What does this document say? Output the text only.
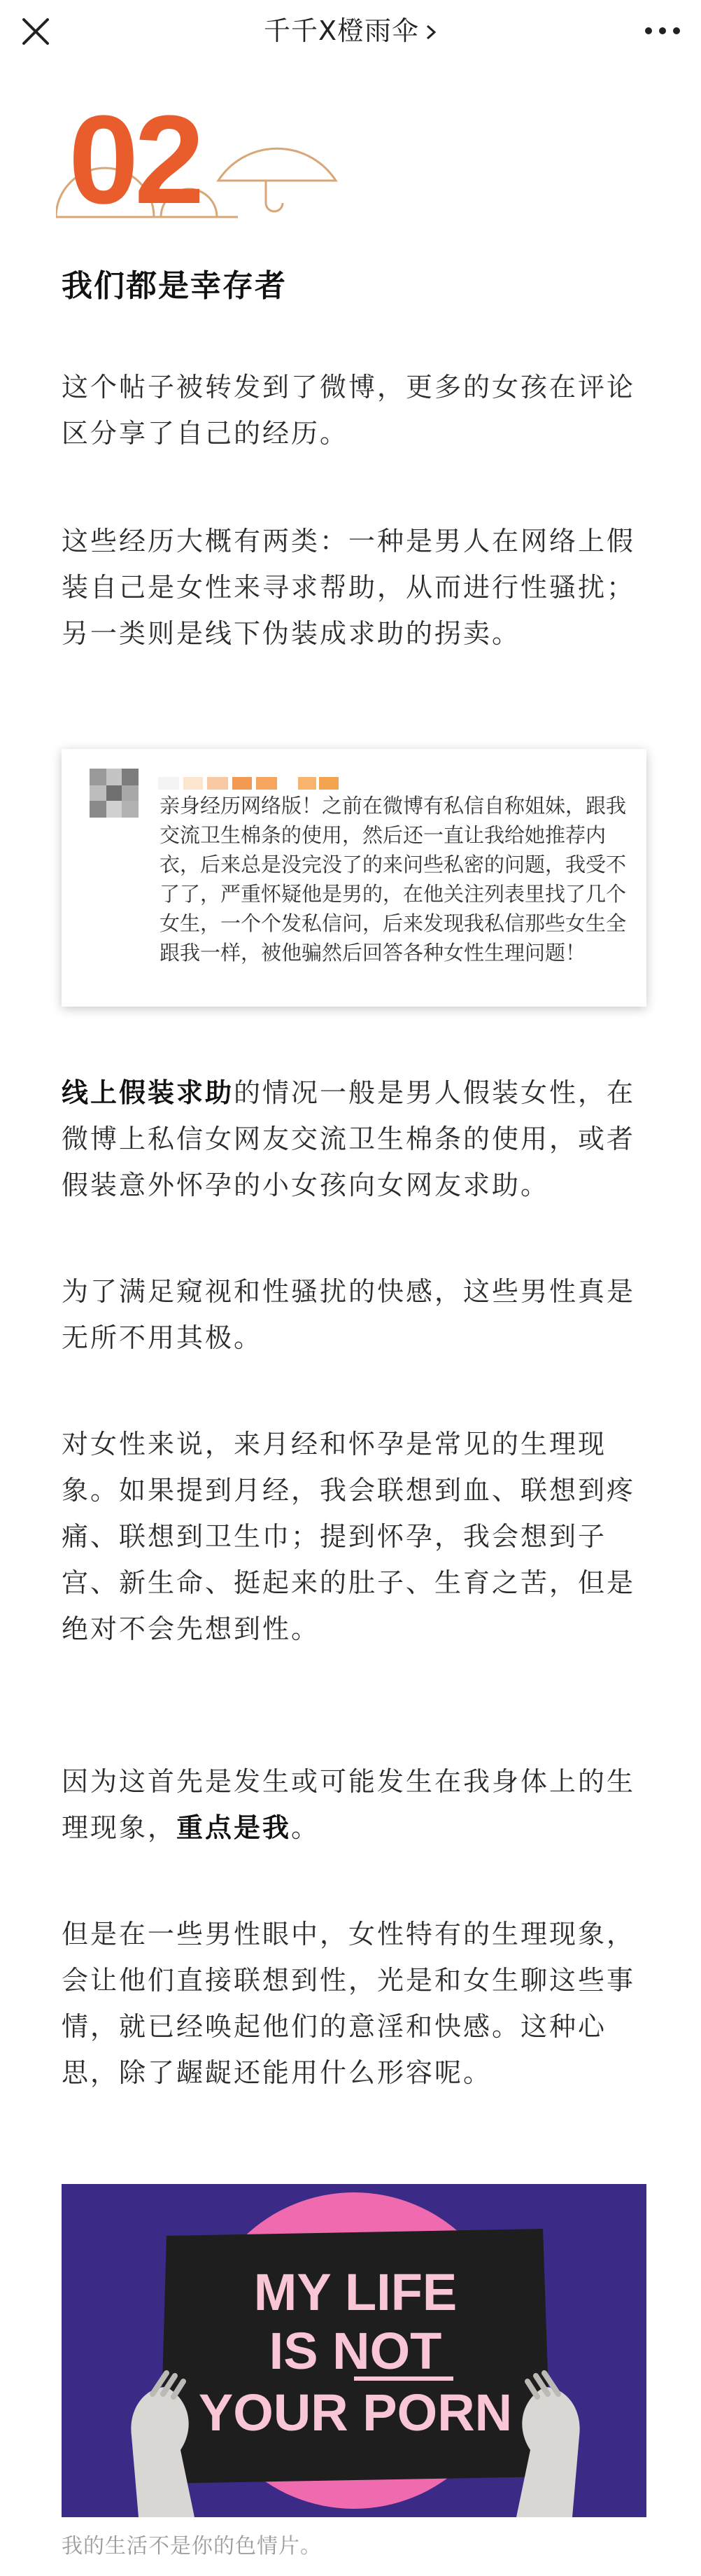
千千X橙雨伞
02
我们都是幸存者

这个帖子被转发到了微博，更多的女孩在评论区分享了自己的经历。

这些经历大概有两类：一种是男人在网络上假装自己是女性来寻求帮助，从而进行性骚扰；另一类则是线下伪装成求助的拐卖。

亲身经历网络版！之前在微博有私信自称姐妹，跟我交流卫生棉条的使用，然后还一直让我给她推荐内衣，后来总是没完没了的来问些私密的问题，我受不了了，严重怀疑他是男的，在他关注列表里找了几个女生，一个个发私信问，后来发现我私信那些女生全跟我一样，被他骗然后回答各种女性生理问题！

线上假装求助的情况一般是男人假装女性，在微博上私信女网友交流卫生棉条的使用，或者假装意外怀孕的小女孩向女网友求助。

为了满足窥视和性骚扰的快感，这些男性真是无所不用其极。

对女性来说，来月经和怀孕是常见的生理现象。如果提到月经，我会联想到血、联想到疼痛、联想到卫生巾；提到怀孕，我会想到子宫、新生命、挺起来的肚子、生育之苦，但是绝对不会先想到性。

因为这首先是发生或可能发生在我身体上的生理现象，重点是我。

但是在一些男性眼中，女性特有的生理现象，会让他们直接联想到性，光是和女生聊这些事情，就已经唤起他们的意淫和快感。这种心思，除了龌龊还能用什么形容呢。

MY LIFE
IS NOT
YOUR PORN
我的生活不是你的色情片。
